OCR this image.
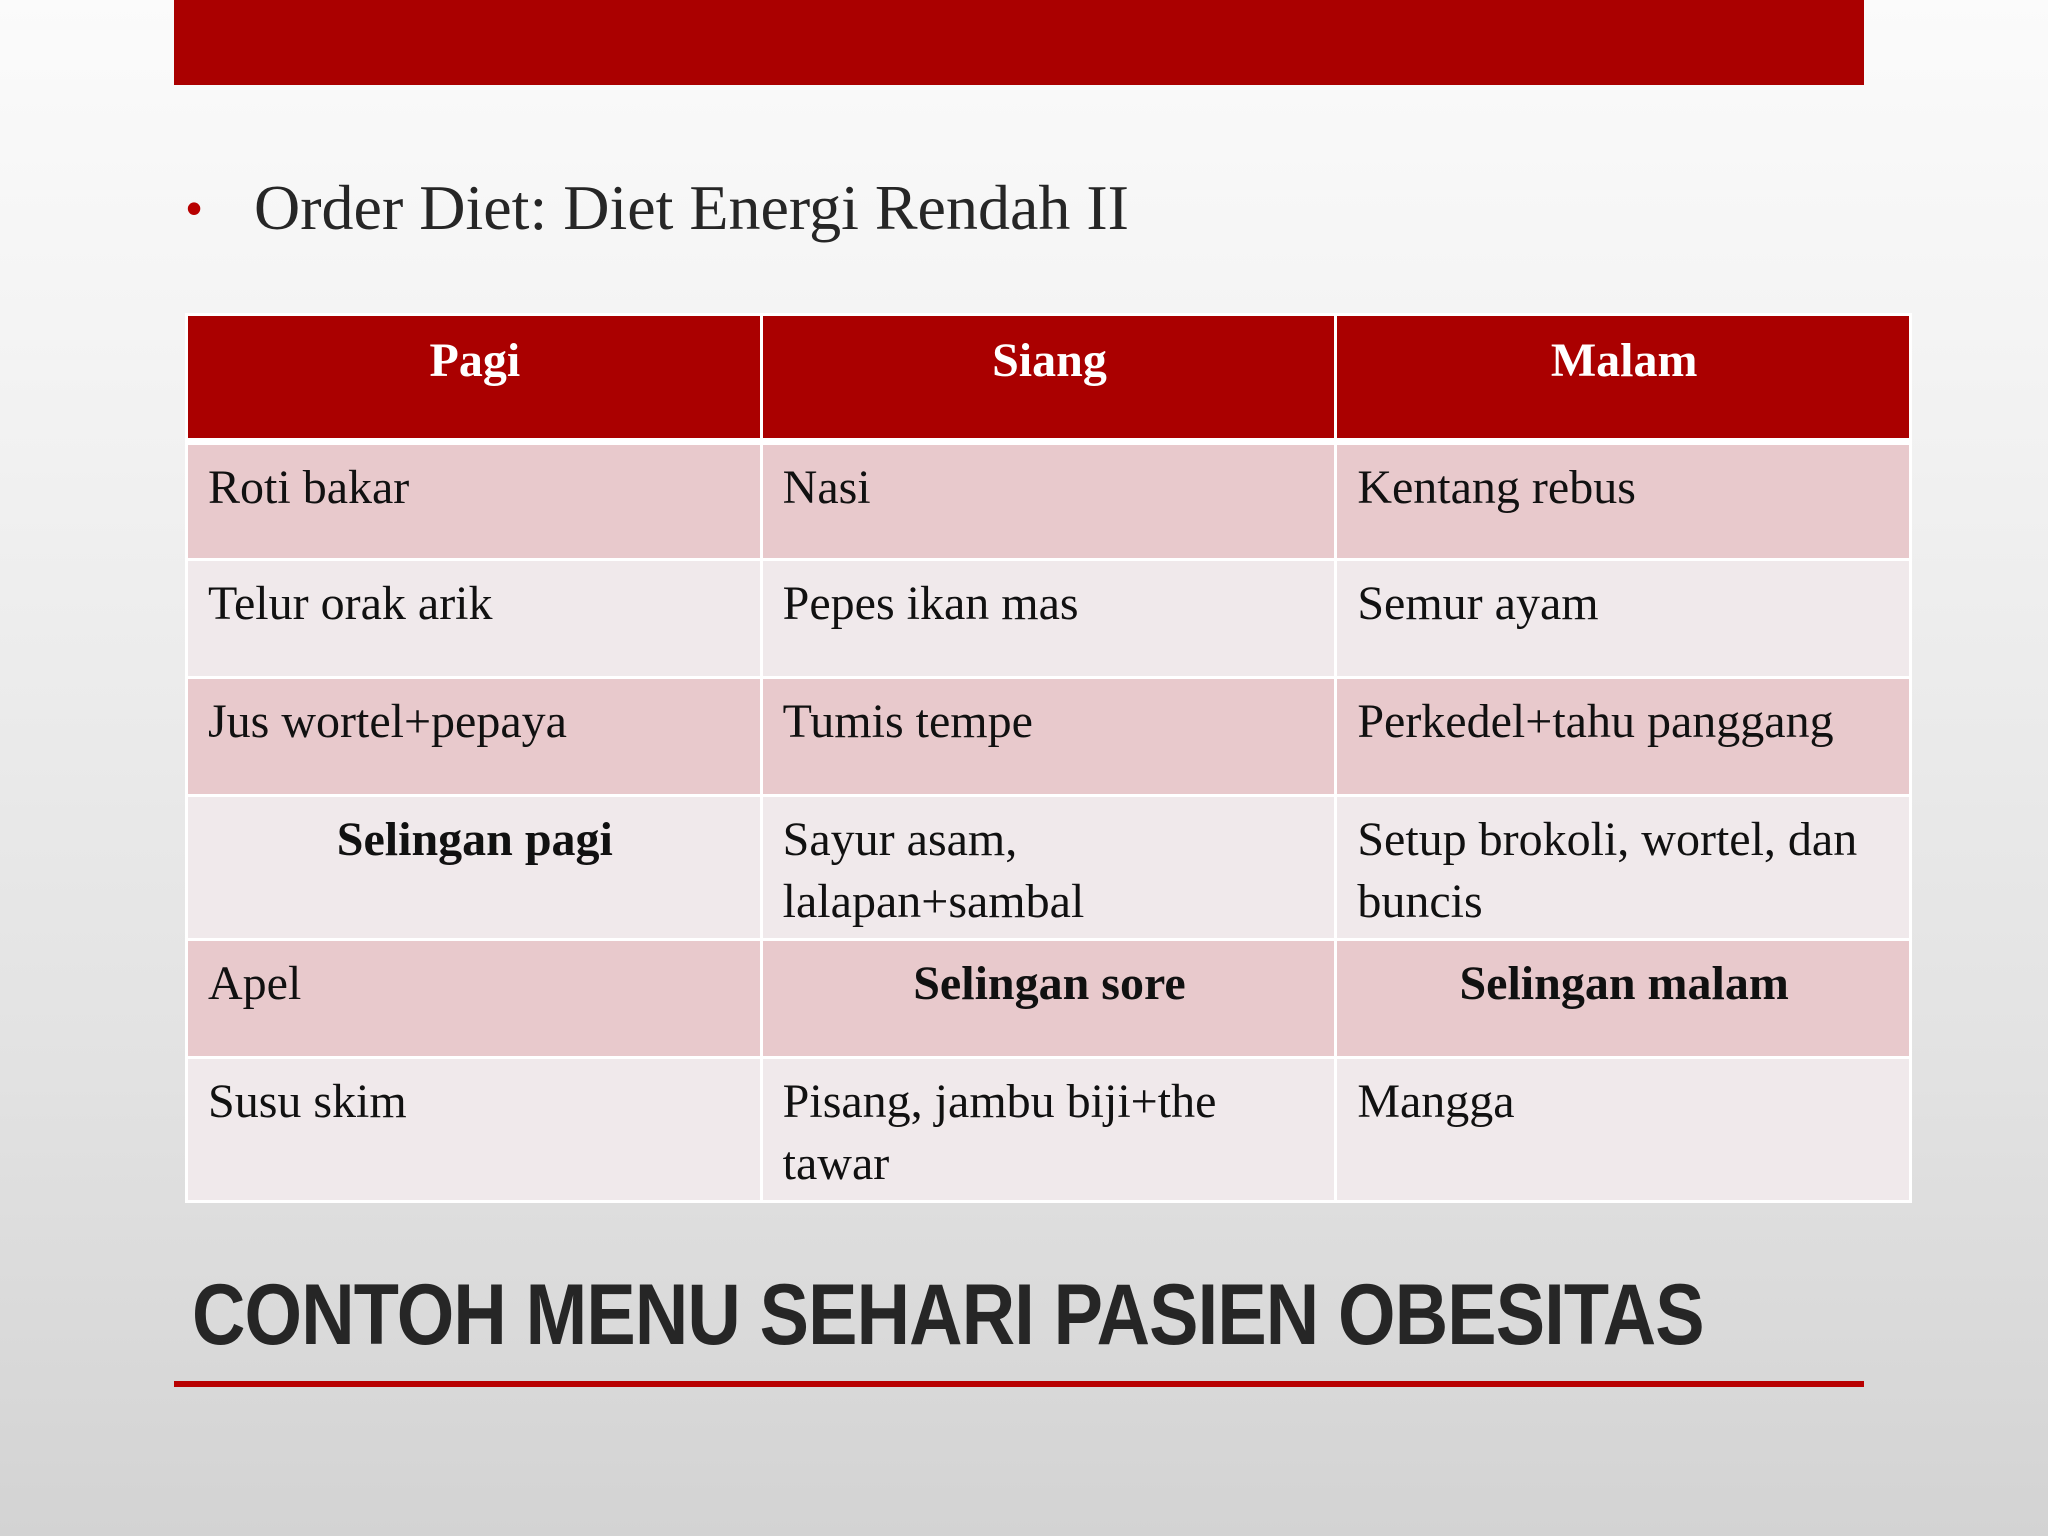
• Order Diet: Diet Energi Rendah II
Pagi	Siang	Malam
Roti bakar	Nasi	Kentang rebus
Telur orak arik	Pepes ikan mas	Semur ayam
Jus wortel+pepaya	Tumis tempe	Perkedel+tahu panggang
Selingan pagi	Sayur asam, lalapan+sambal	Setup brokoli, wortel, dan buncis
Apel	Selingan sore	Selingan malam
Susu skim	Pisang, jambu biji+the tawar	Mangga
CONTOH MENU SEHARI PASIEN OBESITAS
